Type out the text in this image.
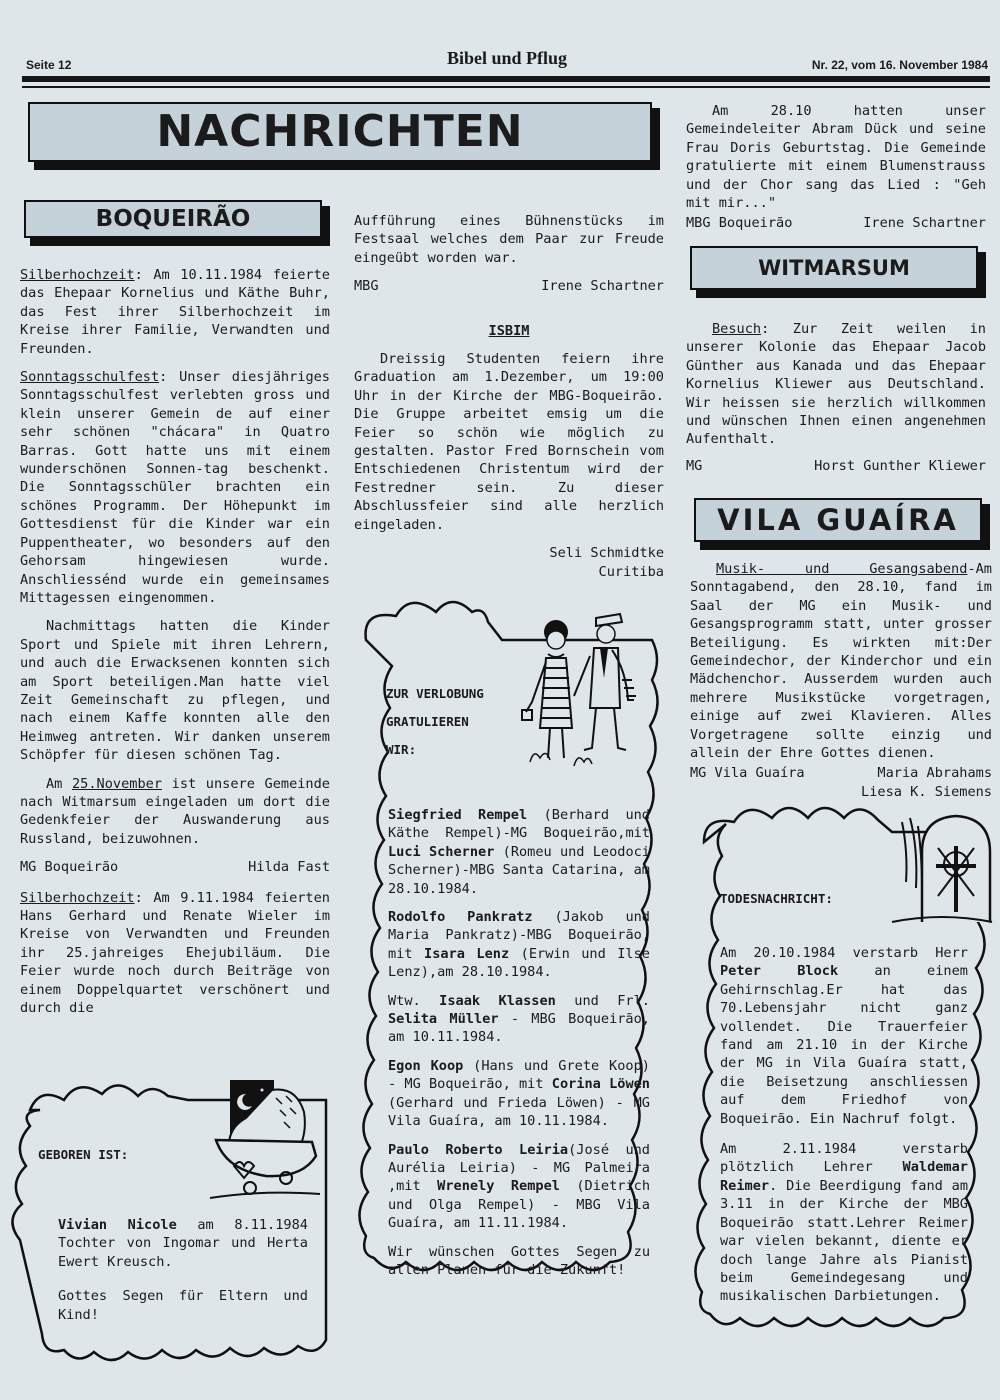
Seite 12	Bibel und Pflug	Nr. 22, vom 16. November 1984
NACHRICHTEN
BOQUEIRÃO

Silberhochzeit: Am 10.11.1984 feierte das Ehepaar Kornelius und Käthe Buhr, das Fest ihrer Silberhochzeit im Kreise ihrer Familie, Verwandten und Freunden.

Sonntagsschulfest: Unser diesjähriges Sonntagsschulfest verlebten gross und klein unserer Gemein de auf einer sehr schönen "chácara" in Quatro Barras. Gott hatte uns mit einem wunderschönen Sonnen-tag beschenkt. Die Sonntagsschüler brachten ein schönes Programm. Der Höhepunkt im Gottesdienst für die Kinder war ein Puppentheater, wo besonders auf den Gehorsam hingewiesen wurde. Anschliessénd wurde ein gemeinsames Mittagessen eingenommen.

Nachmittags hatten die Kinder Sport und Spiele mit ihren Lehrern, und auch die Erwacksenen konnten sich am Sport beteiligen.Man hatte viel Zeit Gemeinschaft zu pflegen, und nach einem Kaffe konnten alle den Heimweg antreten. Wir danken unserem Schöpfer für diesen schönen Tag.

Am 25.November ist unsere Gemeinde nach Witmarsum eingeladen um dort die Gedenkfeier der Auswanderung aus Russland, beizuwohnen.

MG Boqueirão	Hilda Fast

Silberhochzeit: Am 9.11.1984 feierten Hans Gerhard und Renate Wieler im Kreise von Verwandten und Freunden ihr 25.jahreiges Ehejubiläum. Die Feier wurde noch durch Beiträge von einem Doppelquartet verschönert und durch die

GEBOREN IST:

Vivian Nicole am 8.11.1984 Tochter von Ingomar und Herta Ewert Kreusch.

Gottes Segen für Eltern und Kind!

Aufführung eines Bühnenstücks im Festsaal welches dem Paar zur Freude eingeübt worden war.

MBG	Irene Schartner
ISBIM

Dreissig Studenten feiern ihre Graduation am 1.Dezember, um 19:00 Uhr in der Kirche der MBG-Boqueirão. Die Gruppe arbeitet emsig um die Feier so schön wie möglich zu gestalten. Pastor Fred Bornschein vom Entschiedenen Christentum wird der Festredner sein. Zu dieser Abschlussfeier sind alle herzlich eingeladen.

Seli Schmidtke
Curitiba
ZUR VERLOBUNG
GRATULIEREN
WIR:

Siegfried Rempel (Berhard und Käthe Rempel)-MG Boqueirão,mit Luci Scherner (Romeu und Leodoci Scherner)-MBG Santa Catarina, am 28.10.1984.

Rodolfo Pankratz (Jakob und Maria Pankratz)-MBG Boqueirão, mit Isara Lenz (Erwin und Ilse Lenz),am 28.10.1984.

Wtw. Isaak Klassen und Frl. Selita Müller - MBG Boqueirão, am 10.11.1984.

Egon Koop (Hans und Grete Koop) - MG Boqueirão, mit Corina Löwen (Gerhard und Frieda Löwen) - MG Vila Guaíra, am 10.11.1984.

Paulo Roberto Leiria(José und Aurélia Leiria) - MG Palmeira ,mit Wrenely Rempel (Dietrich und Olga Rempel) - MBG Vila Guaíra, am 11.11.1984.

Wir wünschen Gottes Segen zu allen Planen für die Zukunft!

Am 28.10 hatten unser Gemeindeleiter Abram Dück und seine Frau Doris Geburtstag. Die Gemeinde gratulierte mit einem Blumenstrauss und der Chor sang das Lied : "Geh mit mir..."

MBG Boqueirão	Irene Schartner
WITMARSUM

Besuch: Zur Zeit weilen in unserer Kolonie das Ehepaar Jacob Günther aus Kanada und das Ehepaar Kornelius Kliewer aus Deutschland. Wir heissen sie herzlich willkommen und wünschen Ihnen einen angenehmen Aufenthalt.

MG	Horst Gunther Kliewer
VILA GUAÍRA

Musik- und Gesangsabend-Am Sonntagabend, den 28.10, fand im Saal der MG ein Musik- und Gesangsprogramm statt, unter grosser Beteiligung. Es wirkten mit:Der Gemeindechor, der Kinderchor und ein Mädchenchor. Ausserdem wurden auch mehrere Musikstücke vorgetragen, einige auf zwei Klavieren. Alles Vorgetragene sollte einzig und allein der Ehre Gottes dienen.

MG Vila Guaíra	Maria Abrahams
Liesa K. Siemens
TODESNACHRICHT:

Am 20.10.1984 verstarb Herr Peter Block an einem Gehirnschlag.Er hat das 70.Lebensjahr nicht ganz vollendet. Die Trauerfeier fand am 21.10 in der Kirche der MG in Vila Guaíra statt, die Beisetzung anschliessen auf dem Friedhof von Boqueirão. Ein Nachruf folgt.

Am 2.11.1984 verstarb plötzlich Lehrer Waldemar Reimer. Die Beerdigung fand am 3.11 in der Kirche der MBG Boqueirão statt.Lehrer Reimer war vielen bekannt, diente er doch lange Jahre als Pianist beim Gemeindegesang und musikalischen Darbietungen.
